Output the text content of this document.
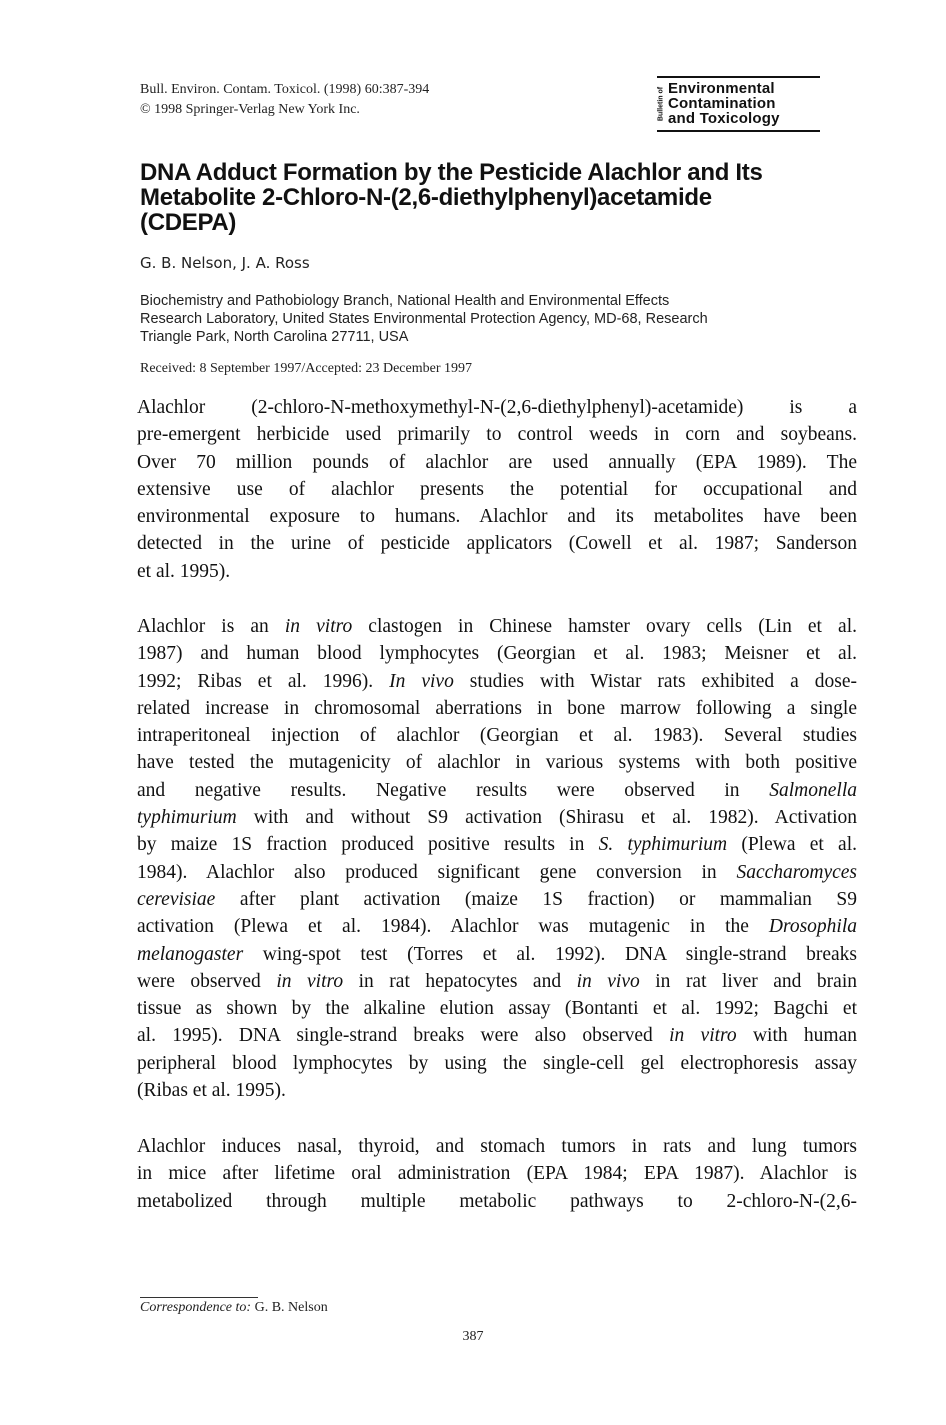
Bull. Environ. Contam. Toxicol. (1998) 60:387-394
© 1998 Springer-Verlag New York Inc.	Bulletin of Environmental
Contamination
and Toxicology
DNA Adduct Formation by the Pesticide Alachlor and Its
Metabolite 2-Chloro-N-(2,6-diethylphenyl)acetamide
(CDEPA)
G. B. Nelson, J. A. Ross
Biochemistry and Pathobiology Branch, National Health and Environmental Effects
Research Laboratory, United States Environmental Protection Agency, MD-68, Research
Triangle Park, North Carolina 27711, USA
Received: 8 September 1997/Accepted: 23 December 1997
Alachlor (2-chloro-N-methoxymethyl-N-(2,6-diethylphenyl)-acetamide) is a
pre-emergent herbicide used primarily to control weeds in corn and soybeans.
Over 70 million pounds of alachlor are used annually (EPA 1989). The
extensive use of alachlor presents the potential for occupational and
environmental exposure to humans. Alachlor and its metabolites have been
detected in the urine of pesticide applicators (Cowell et al. 1987; Sanderson
et al. 1995).
Alachlor is an in vitro clastogen in Chinese hamster ovary cells (Lin et al.
1987) and human blood lymphocytes (Georgian et al. 1983; Meisner et al.
1992; Ribas et al. 1996). In vivo studies with Wistar rats exhibited a dose-
related increase in chromosomal aberrations in bone marrow following a single
intraperitoneal injection of alachlor (Georgian et al. 1983). Several studies
have tested the mutagenicity of alachlor in various systems with both positive
and negative results. Negative results were observed in Salmonella
typhimurium with and without S9 activation (Shirasu et al. 1982). Activation
by maize 1S fraction produced positive results in S. typhimurium (Plewa et al.
1984). Alachlor also produced significant gene conversion in Saccharomyces
cerevisiae after plant activation (maize 1S fraction) or mammalian S9
activation (Plewa et al. 1984). Alachlor was mutagenic in the Drosophila
melanogaster wing-spot test (Torres et al. 1992). DNA single-strand breaks
were observed in vitro in rat hepatocytes and in vivo in rat liver and brain
tissue as shown by the alkaline elution assay (Bontanti et al. 1992; Bagchi et
al. 1995). DNA single-strand breaks were also observed in vitro with human
peripheral blood lymphocytes by using the single-cell gel electrophoresis assay
(Ribas et al. 1995).
Alachlor induces nasal, thyroid, and stomach tumors in rats and lung tumors
in mice after lifetime oral administration (EPA 1984; EPA 1987). Alachlor is
metabolized through multiple metabolic pathways to 2-chloro-N-(2,6-
Correspondence to: G. B. Nelson
387
